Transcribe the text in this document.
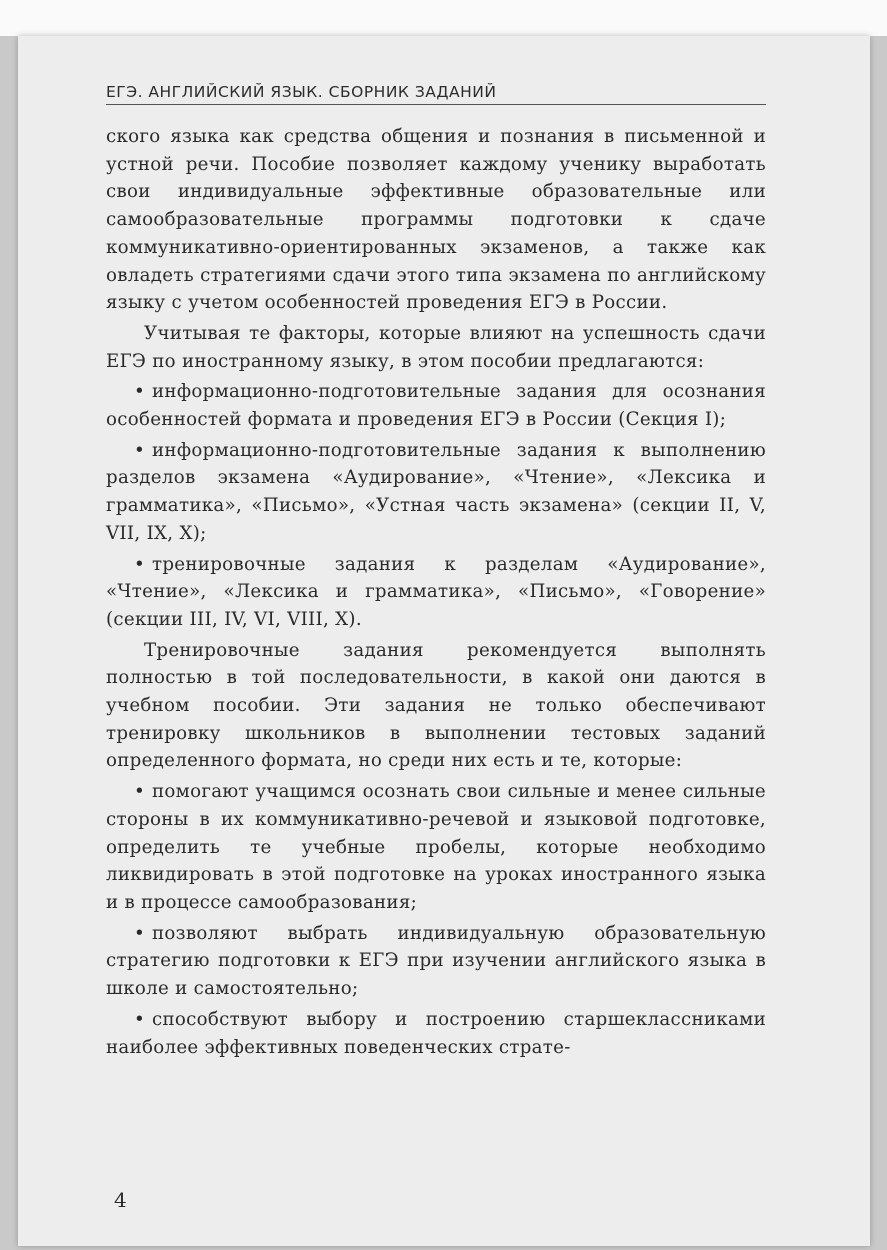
ЕГЭ. АНГЛИЙСКИЙ ЯЗЫК. СБОРНИК ЗАДАНИЙ

ского языка как средства общения и познания в письменной и устной речи. Пособие позволяет каждому ученику выработать свои индивидуальные эффективные образовательные или самообразовательные программы подготовки к сдаче коммуникативно-ориентированных экзаменов, а также как овладеть стратегиями сдачи этого типа экзамена по английскому языку с учетом особенностей проведения ЕГЭ в России.

Учитывая те факторы, которые влияют на успешность сдачи ЕГЭ по иностранному языку, в этом пособии предлагаются:

• информационно-подготовительные задания для осознания особенностей формата и проведения ЕГЭ в России (Секция I);

• информационно-подготовительные задания к выполнению разделов экзамена «Аудирование», «Чтение», «Лексика и грамматика», «Письмо», «Устная часть экзамена» (секции II, V, VII, IX, X);

• тренировочные задания к разделам «Аудирование», «Чтение», «Лексика и грамматика», «Письмо», «Говорение» (секции III, IV, VI, VIII, X).

Тренировочные задания рекомендуется выполнять полностью в той последовательности, в какой они даются в учебном пособии. Эти задания не только обеспечивают тренировку школьников в выполнении тестовых заданий определенного формата, но среди них есть и те, которые:

• помогают учащимся осознать свои сильные и менее сильные стороны в их коммуникативно-речевой и языковой подготовке, определить те учебные пробелы, которые необходимо ликвидировать в этой подготовке на уроках иностранного языка и в процессе самообразования;

• позволяют выбрать индивидуальную образовательную стратегию подготовки к ЕГЭ при изучении английского языка в школе и самостоятельно;

• способствуют выбору и построению старшеклассниками наиболее эффективных поведенческих страте-

4
